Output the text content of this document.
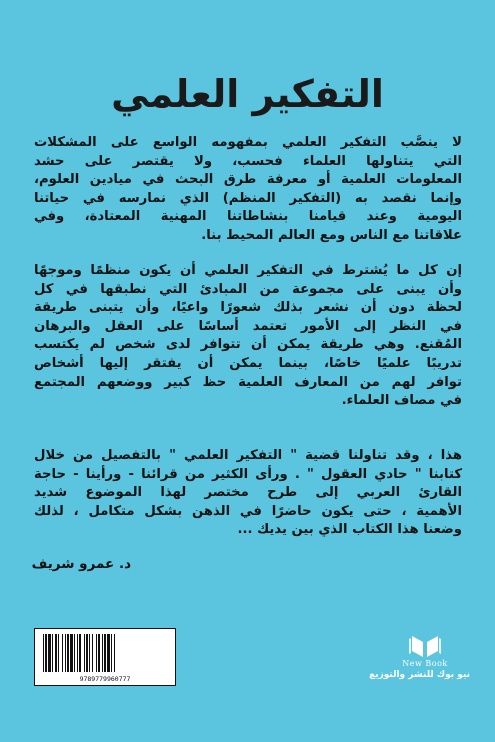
التفكير العلمي
لا ينصَّب التفكير العلمي بمفهومه الواسع على المشكلات
التي يتناولها العلماء فحسب، ولا يقتصر على حشد
المعلومات العلمية أو معرفة طرق البحث في ميادين العلوم،
وإنما نقصد به (التفكير المنظم) الذي نمارسه في حياتنا
اليومية وعند قيامنا بنشاطاتنا المهنية المعتادة، وفي
علاقاتنا مع الناس ومع العالم المحيط بنا.
إن كل ما يُشترط في التفكير العلمي أن يكون منظمًا وموجهًا
وأن يبنى على مجموعة من المبادئ التي نطبقها في كل
لحظة دون أن نشعر بذلك شعورًا واعيًا، وأن يتبنى طريقة
في النظر إلى الأمور تعتمد أساسًا على العقل والبرهان
المُقنع. وهي طريقة يمكن أن تتوافر لدى شخص لم يكتسب
تدريبًا علميًا خاصًا، بينما يمكن أن يفتقر إليها أشخاص
توافر لهم من المعارف العلمية حظ كبير ووضعهم المجتمع
في مصاف العلماء.
هذا ، وقد تناولنا قضية " التفكير العلمي " بالتفصيل من خلال
كتابنا " حادي العقول " . ورأى الكثير من قرائنا - ورأينا - حاجة
القارئ العربي إلى طرح مختصر لهذا الموضوع شديد
الأهمية ، حتى يكون حاضرًا في الذهن بشكل متكامل ، لذلك
وضعنا هذا الكتاب الذي بين يديك ...
د. عمرو شريف
9789779960777
New Book
نيو بوك للنشر والتوزيع
